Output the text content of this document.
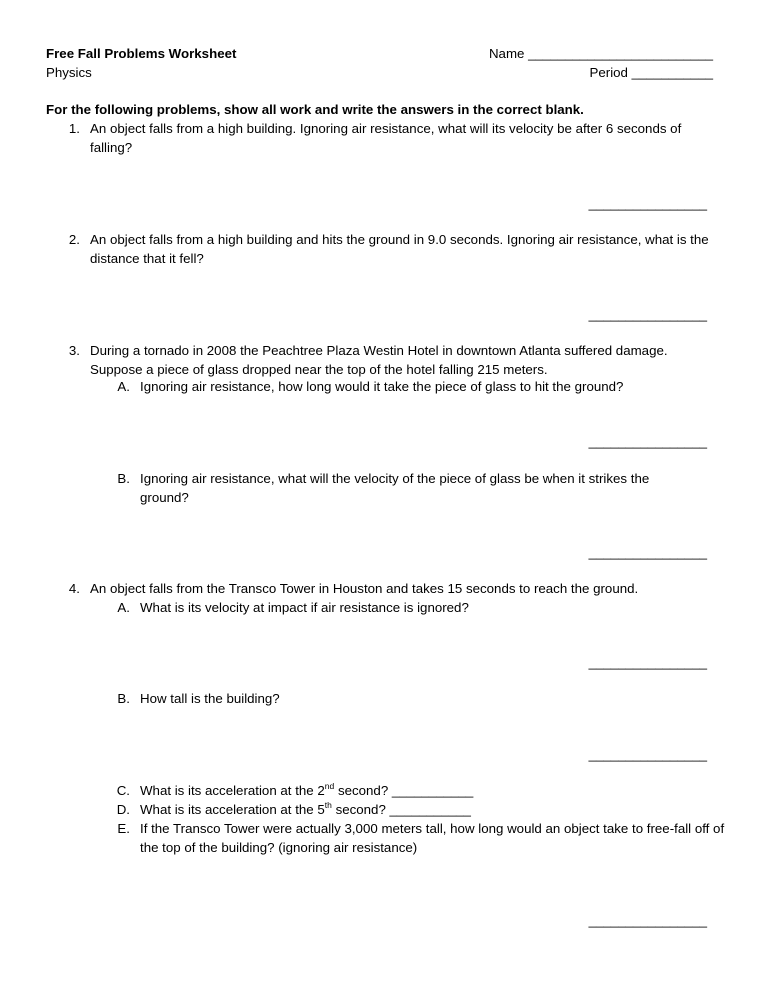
Free Fall Problems Worksheet
Physics
Name _________________________
Period ___________
For the following problems, show all work and write the answers in the correct blank.
1. An object falls from a high building. Ignoring air resistance, what will its velocity be after 6 seconds of falling?
________________
2. An object falls from a high building and hits the ground in 9.0 seconds. Ignoring air resistance, what is the distance that it fell?
________________
3. During a tornado in 2008 the Peachtree Plaza Westin Hotel in downtown Atlanta suffered damage. Suppose a piece of glass dropped near the top of the hotel falling 215 meters.
A. Ignoring air resistance, how long would it take the piece of glass to hit the ground?
________________
B. Ignoring air resistance, what will the velocity of the piece of glass be when it strikes the ground?
________________
4. An object falls from the Transco Tower in Houston and takes 15 seconds to reach the ground.
A. What is its velocity at impact if air resistance is ignored?
________________
B. How tall is the building?
________________
C. What is its acceleration at the 2nd second? ___________
D. What is its acceleration at the 5th second? ___________
E. If the Transco Tower were actually 3,000 meters tall, how long would an object take to free-fall off of the top of the building? (ignoring air resistance)
________________
